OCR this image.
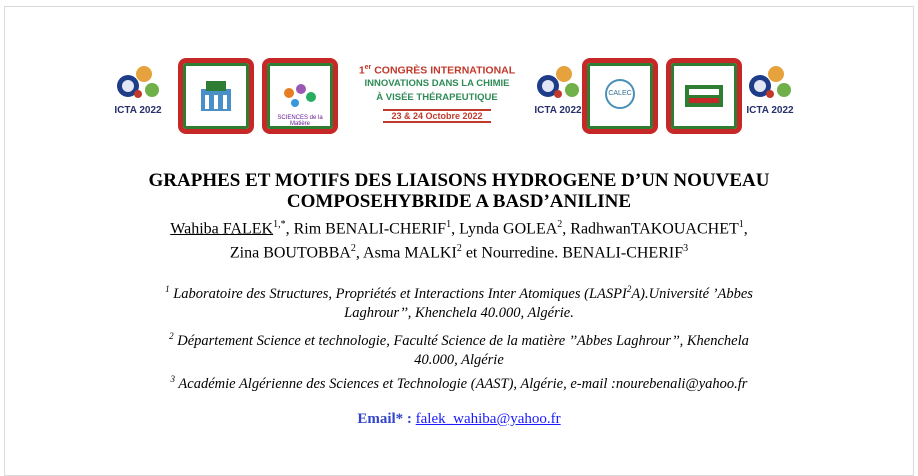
ICTA 2022
SCIENCES de la Matière
1er CONGRÈS INTERNATIONAL
INNOVATIONS DANS LA CHIMIE
À VISÉE THÉRAPEUTIQUE
23 & 24 Octobre 2022	ICTA 2022
CALEC
ICTA 2022
GRAPHES ET MOTIFS DES LIAISONS HYDROGENE D’UN NOUVEAU
COMPOSEHYBRIDE A BASD’ANILINE
Wahiba $FALEK^{1,*}$, Rim BENALI-CHERIF$^1$, Lynda GOLEA$^2$, RadhwanTAKOUACHET$^1$,
Zina BOUTOBBA$^2$, Asma MALKI$^2$ et Nourredine. BENALI-CHERIF$^3$
$^1$ Laboratoire des Structures, Propriétés et Interactions Inter Atomiques (LASPI$^2$A).Université ’Abbes
Laghrour’’, Khenchela 40.000, Algérie.
$^2$ Département Science et technologie, Faculté Science de la matière ’’Abbes Laghrour’’, Khenchela
40.000, Algérie
$^3$ Académie Algérienne des Sciences et Technologie (AAST), Algérie, e-mail :nourebenali@yahoo.fr
Email* : falek_wahiba@yahoo.fr
